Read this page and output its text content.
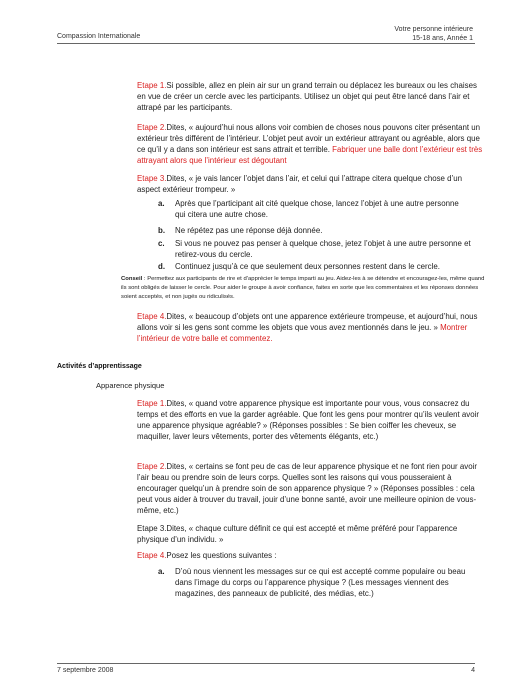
Compassion Internationale
Votre personne intérieure
15-18 ans, Année 1
Etape 1.Si possible, allez en plein air sur un grand terrain ou déplacez les bureaux ou les chaises en vue de créer un cercle avec les participants. Utilisez un objet qui peut être lancé dans l’air et attrapé par les participants.
Etape 2.Dites, « aujourd’hui nous allons voir combien de choses nous pouvons citer présentant un extérieur très différent de l’intérieur. L’objet peut avoir un extérieur attrayant ou agréable, alors que ce qu’il y a dans son intérieur est sans attrait et terrible. Fabriquer une balle dont l’extérieur est très attrayant alors que l’intérieur est dégoutant
Etape 3.Dites, « je vais lancer l’objet dans l’air, et celui qui l’attrape citera quelque chose d’un aspect extérieur trompeur. »
a. Après que l’participant ait cité quelque chose, lancez l’objet à une autre personne qui citera une autre chose.
b. Ne répétez pas une réponse déjà donnée.
c. Si vous ne pouvez pas penser à quelque chose, jetez l’objet à une autre personne et retirez-vous du cercle.
d. Continuez jusqu’à ce que seulement deux personnes restent dans le cercle.
Conseil : Permettez aux participants de rire et d’apprécier le temps imparti au jeu. Aidez-les à se détendre et encouragez-les, même quand ils sont obligés de laisser le cercle. Pour aider le groupe à avoir confiance, faites en sorte que les commentaires et les réponses données soient acceptés, et non jugés ou ridiculisés.
Etape 4.Dites, « beaucoup d’objets ont une apparence extérieure trompeuse, et aujourd’hui, nous allons voir si les gens sont comme les objets que vous avez mentionnés dans le jeu. » Montrer l’intérieur de votre balle et commentez.
Activités d’apprentissage
Apparence physique
Etape 1.Dites, « quand votre apparence physique est importante pour vous, vous consacrez du temps et des efforts en vue la garder agréable. Que font les gens pour montrer qu’ils veulent avoir une apparence physique agréable? » (Réponses possibles : Se bien coiffer les cheveux, se maquiller, laver leurs vêtements, porter des vêtements élégants, etc.)
Etape 2.Dites, « certains se font peu de cas de leur apparence physique et ne font rien pour avoir l’air beau ou prendre soin de leurs corps. Quelles sont les raisons qui vous pousseraient à encourager quelqu’un à prendre soin de son apparence physique ? » (Réponses possibles : cela peut vous aider à trouver du travail, jouir d’une bonne santé, avoir une meilleure opinion de vous-même, etc.)
Etape 3.Dites, « chaque culture définit ce qui est accepté et même préféré pour l’apparence physique d’un individu. »
Etape 4.Posez les questions suivantes :
a. D’où nous viennent les messages sur ce qui est accepté comme populaire ou beau dans l’image du corps ou l’apparence physique ? (Les messages viennent des magazines, des panneaux de publicité, des médias, etc.)
7 septembre 2008	4
